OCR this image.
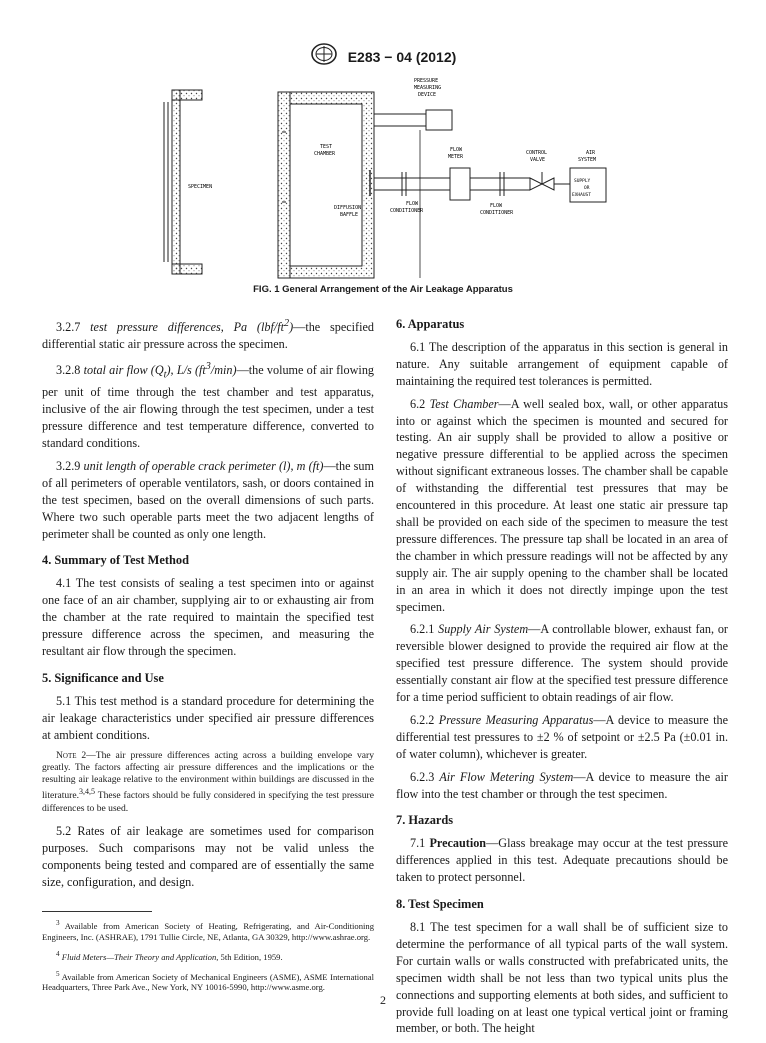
E283 − 04 (2012)
SPECIMEN
TEST CHAMBER
DIFFUSION BAFFLE
PRESSURE MEASURING DEVICE
FLOW METER
CONTROL VALVE
AIR SYSTEM
SUPPLY OR EXHAUST
FLOW CONDITIONER
FLOW CONDITIONER
FIG. 1 General Arrangement of the Air Leakage Apparatus

3.2.7 test pressure differences, Pa $(lbf/ft^2)—the$ specified differential static air pressure across the specimen.

3.2.8 total air flow $(Q_t)$, L/s $(ft^3/\min)—the$ volume of air flowing per unit of time through the test chamber and test apparatus, inclusive of the air flowing through the test specimen, under a test pressure difference and test temperature difference, converted to standard conditions.

3.2.9 unit length of operable crack perimeter (l), m (ft)—the sum of all perimeters of operable ventilators, sash, or doors contained in the test specimen, based on the overall dimensions of such parts. Where two such operable parts meet the two adjacent lengths of perimeter shall be counted as only one length.

4. Summary of Test Method

4.1 The test consists of sealing a test specimen into or against one face of an air chamber, supplying air to or exhausting air from the chamber at the rate required to maintain the specified test pressure difference across the specimen, and measuring the resultant air flow through the specimen.

5. Significance and Use

5.1 This test method is a standard procedure for determining the air leakage characteristics under specified air pressure differences at ambient conditions.

Note 2—The air pressure differences acting across a building envelope vary greatly. The factors affecting air pressure differences and the implications or the resulting air leakage relative to the environment within buildings are discussed in the literature.$^{3,4,5}$ These factors should be fully considered in specifying the test pressure differences to be used.

5.2 Rates of air leakage are sometimes used for comparison purposes. Such comparisons may not be valid unless the components being tested and compared are of essentially the same size, configuration, and design.

$^3$ Available from American Society of Heating, Refrigerating, and Air-Conditioning Engineers, Inc. (ASHRAE), 1791 Tullie Circle, NE, Atlanta, GA 30329, http://www.ashrae.org.

$^4$ Fluid Meters—Their Theory and Application, 5th Edition, 1959.

$^5$ Available from American Society of Mechanical Engineers (ASME), ASME International Headquarters, Three Park Ave., New York, NY 10016-5990, http://www.asme.org.

6. Apparatus

6.1 The description of the apparatus in this section is general in nature. Any suitable arrangement of equipment capable of maintaining the required test tolerances is permitted.

6.2 Test Chamber—A well sealed box, wall, or other apparatus into or against which the specimen is mounted and secured for testing. An air supply shall be provided to allow a positive or negative pressure differential to be applied across the specimen without significant extraneous losses. The chamber shall be capable of withstanding the differential test pressures that may be encountered in this procedure. At least one static air pressure tap shall be provided on each side of the specimen to measure the test pressure differences. The pressure tap shall be located in an area of the chamber in which pressure readings will not be affected by any supply air. The air supply opening to the chamber shall be located in an area in which it does not directly impinge upon the test specimen.

6.2.1 Supply Air System—A controllable blower, exhaust fan, or reversible blower designed to provide the required air flow at the specified test pressure difference. The system should provide essentially constant air flow at the specified test pressure difference for a time period sufficient to obtain readings of air flow.

6.2.2 Pressure Measuring Apparatus—A device to measure the differential test pressures to ±2 % of setpoint or ±2.5 Pa (±0.01 in. of water column), whichever is greater.

6.2.3 Air Flow Metering System—A device to measure the air flow into the test chamber or through the test specimen.

7. Hazards

7.1 Precaution—Glass breakage may occur at the test pressure differences applied in this test. Adequate precautions should be taken to protect personnel.

8. Test Specimen

8.1 The test specimen for a wall shall be of sufficient size to determine the performance of all typical parts of the wall system. For curtain walls or walls constructed with prefabricated units, the specimen width shall be not less than two typical units plus the connections and supporting elements at both sides, and sufficient to provide full loading on at least one typical vertical joint or framing member, or both. The height

2
